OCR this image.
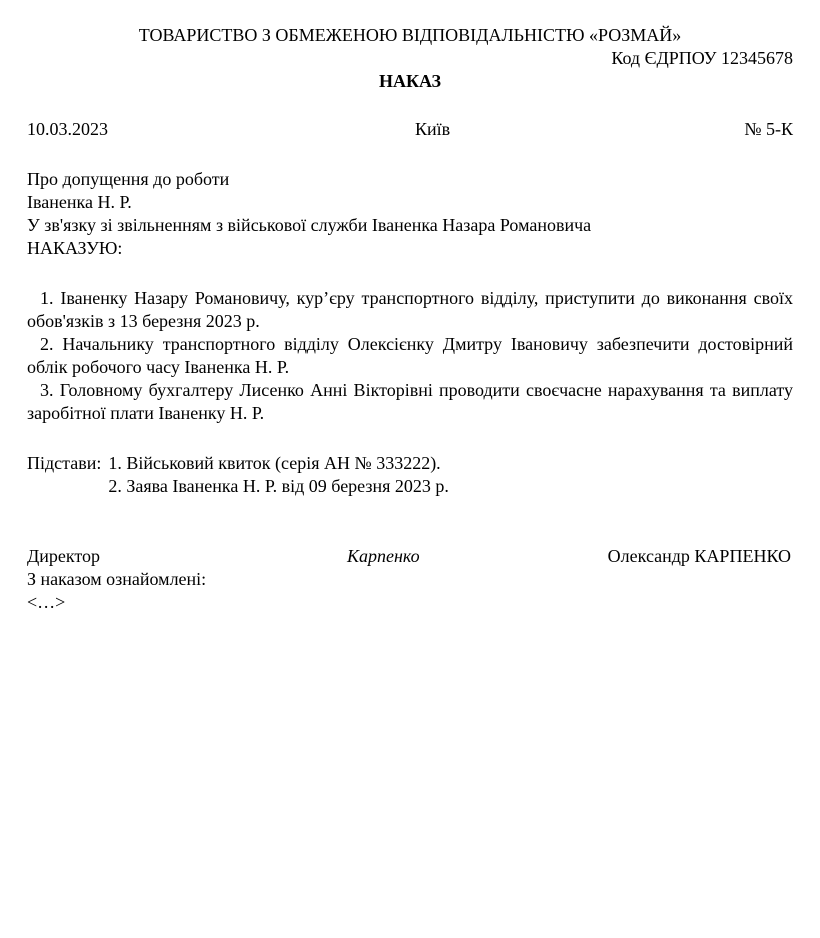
ТОВАРИСТВО З ОБМЕЖЕНОЮ ВІДПОВІДАЛЬНІСТЮ «РОЗМАЙ»

Код ЄДРПОУ 12345678

НАКАЗ

10.03.2023	Київ	№ 5-К

Про допущення до роботи

Іваненка Н. Р.

У зв'язку зі звільненням з військової служби Іваненка Назара Романовича

НАКАЗУЮ:

1. Іваненку Назару Романовичу, кур’єру транспортного відділу, приступити до виконання своїх обов'язків з 13 березня 2023 р.

2. Начальнику транспортного відділу Олексієнку Дмитру Івановичу забезпечити достовірний облік робочого часу Іваненка Н. Р.

3. Головному бухгалтеру Лисенко Анні Вікторівні проводити своєчасне нарахування та виплату заробітної плати Іваненку Н. Р.

Підстави: 1. Військовий квиток (серія АН № 333222).

2. Заява Іваненка Н. Р. від 09 березня 2023 р.

Директор	Карпенко	Олександр КАРПЕНКО

З наказом ознайомлені:

<…>
